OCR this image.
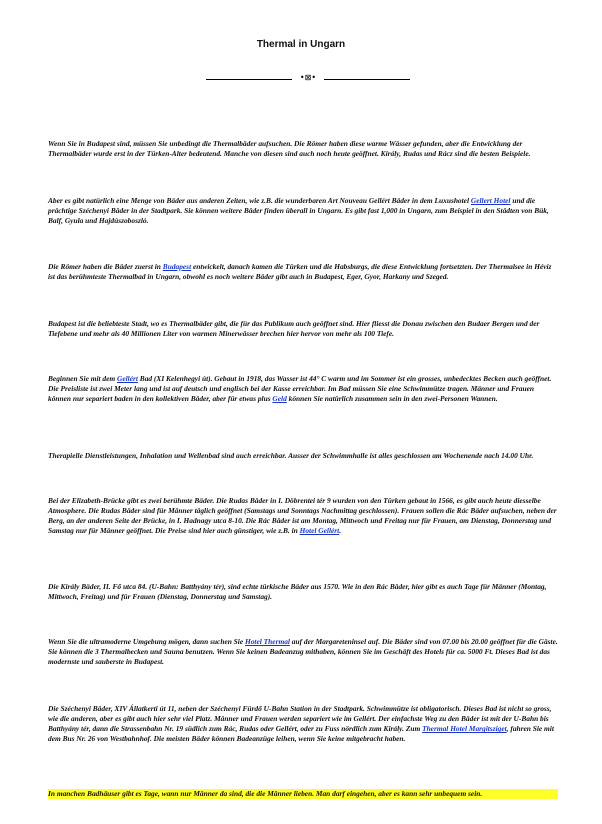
Thermal in Ungarn
•⊠•

Wenn Sie in Budapest sind, müssen Sie unbedingt die Thermalbäder aufsuchen. Die Römer haben diese warme Wässer gefunden, aber die Entwicklung der Thermalbäder wurde erst in der Türken-Alter bedeutend. Manche von diesen sind auch noch heute geöffnet. Király, Rudas und Rácz sind die besten Beispiele.

Aber es gibt natürlich eine Menge von Bäder aus anderen Zeiten, wie z.B. die wunderbaren Art Nouveau Gellért Bäder in dem Luxushotel Gellert Hotel und die prächtige Széchenyi Bäder in der Stadtpark. Sie können weitere Bäder finden überall in Ungarn. Es gibt fast 1,000 in Ungarn, zum Beispiel in den Städten von Bük, Balf, Gyula und Hajdúszoboszló.

Die Römer haben die Bäder zuerst in Budapest entwickelt, danach kamen die Türken und die Habsburgs, die diese Entwicklung fortsetzten. Der Thermalsee in Hévíz ist das berühmteste Thermalbad in Ungarn, obwohl es noch weitere Bäder gibt auch in Budapest, Eger, Gyor, Harkany und Szeged.

Budapest ist die beliebteste Stadt, wo es Thermalbäder gibt, die für das Publikum auch geöffnet sind. Hier fliesst die Donau zwischen den Budaer Bergen und der Tiefebene und mehr als 40 Millionen Liter von warmen Minerwässer brechen hier hervor von mehr als 100 Tiefe.

Beginnen Sie mit dem Gellért Bad (XI Kelenhegyi út). Gebaut in 1918, das Wasser ist 44° C warm und im Sommer ist ein grosses, unbedecktes Becken auch geöffnet. Die Preisliste ist zwei Meter lang und ist auf deutsch und englisch bei der Kasse erreichbar. Im Bad müssen Sie eine Schwimmütze tragen. Männer und Frauen können nur separiert baden in den kollektiven Bäder, aber für etwas plus Geld können Sie natürlich zusammen sein in den zwei-Personen Wannen.

Therapielle Dienstleistungen, Inhalation und Wellenbad sind auch erreichbar. Ausser der Schwimmhalle ist alles geschlossen am Wochenende nach 14.00 Uhr.

Bei der Elizabeth-Brücke gibt es zwei berühmte Bäder. Die Rudas Bäder in I. Döbrentei tér 9 wurden von den Türken gebaut in 1566, es gibt auch heute diesselbe Atmosphere. Die Rudas Bäder sind für Männer täglich geöffnet (Samstags und Sonntags Nachmittag geschlossen). Frauen sollen die Rác Bäder aufsuchen, neben der Berg, an der anderen Seite der Brücke, in I. Hadnagy utca 8-10. Die Rác Bäder ist am Montag, Mittwoch und Freitag nur für Frauen, am Dienstag, Donnerstag und Samstag nur für Männer geöffnet. Die Preise sind hier auch günstiger, wie z.B. in Hotel Gellért.

Die Király Bäder, II. Fő utca 84. (U-Bahn: Batthyány tér), sind echte türkische Bäder aus 1570. Wie in den Rác Bäder, hier gibt es auch Tage für Männer (Montag, Mittwoch, Freitag) und für Frauen (Dienstag, Donnerstag und Samstag).

Wenn Sie die ultramoderne Umgebung mögen, dann suchen Sie Hotel Thermal auf der Margareteninsel auf. Die Bäder sind von 07.00 bis 20.00 geöffnet für die Gäste. Sie können die 3 Thermalbecken und Sauna benutzen. Wenn Sie keinen Badeanzug mithaben, können Sie im Geschäft des Hotels für ca. 5000 Ft. Dieses Bad ist das modernste und sauberste in Budapest.

Die Széchenyi Bäder, XIV Állatkerti út 11, neben der Széchenyi Fürdő U-Bahn Station in der Stadtpark. Schwimmütze ist obligatorisch. Dieses Bad ist nicht so gross, wie die anderen, aber es gibt auch hier sehr viel Platz. Männer und Frauen werden separiert wie im Gellért. Der einfachste Weg zu den Bäder ist mit der U-Bahn bis Batthyány tér, dann die Strassenbahn Nr. 19 südlich zum Rác, Rudas oder Gellért, oder zu Fuss nördlich zum Király. Zum Thermal Hotel Margitsziget, fahren Sie mit dem Bus Nr. 26 von Westbahnhof. Die meisten Bäder können Badeanzüge leihen, wenn Sie keine mitgebracht haben.

In manchen Badhäuser gibt es Tage, wann nur Männer da sind, die die Männer lieben. Man darf eingehen, aber es kann sehr unbequem sein.
